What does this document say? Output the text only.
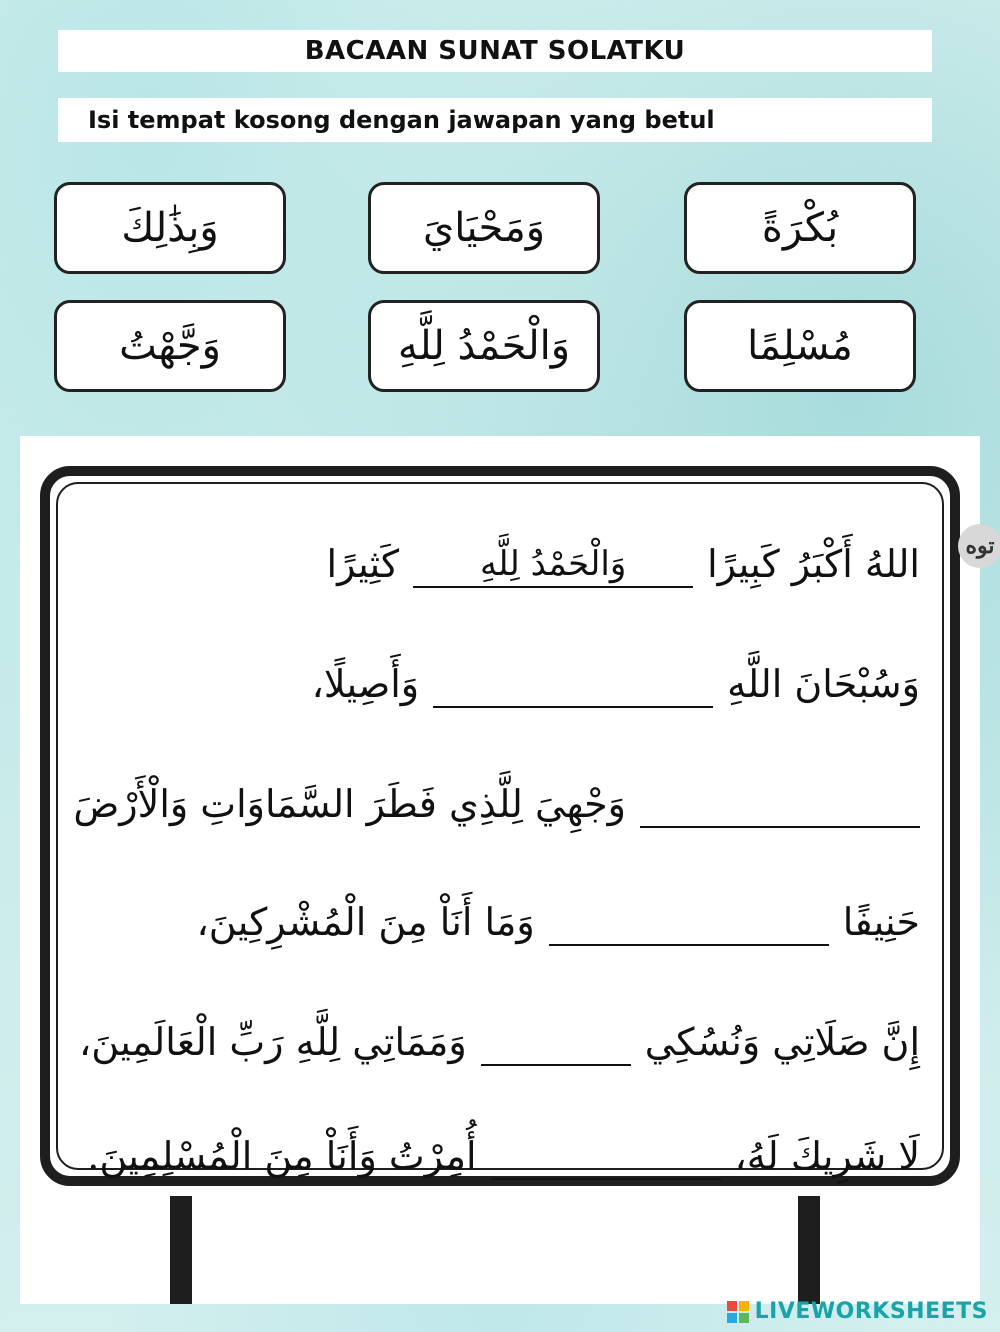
BACAAN SUNAT SOLATKU
Isi tempat kosong dengan jawapan yang betul
وَبِذَٰلِكَ	وَمَحْيَايَ	بُكْرَةً
وَجَّهْتُ	وَالْحَمْدُ لِلَّهِ	مُسْلِمًا
توه
اللهُ أَكْبَرُ كَبِيرًا
وَالْحَمْدُ لِلَّهِ
كَثِيرًا
وَسُبْحَانَ اللَّهِ
وَأَصِيلًا،
وَجْهِيَ لِلَّذِي فَطَرَ السَّمَاوَاتِ وَالْأَرْضَ
حَنِيفًا
وَمَا أَنَاْ مِنَ الْمُشْرِكِينَ،
إِنَّ صَلَاتِي وَنُسُكِي
وَمَمَاتِي لِلَّهِ رَبِّ الْعَالَمِينَ،
لَا شَرِيكَ لَهُ،
أُمِرْتُ وَأَنَاْ مِنَ الْمُسْلِمِينَ.
LIVEWORKSHEETS
